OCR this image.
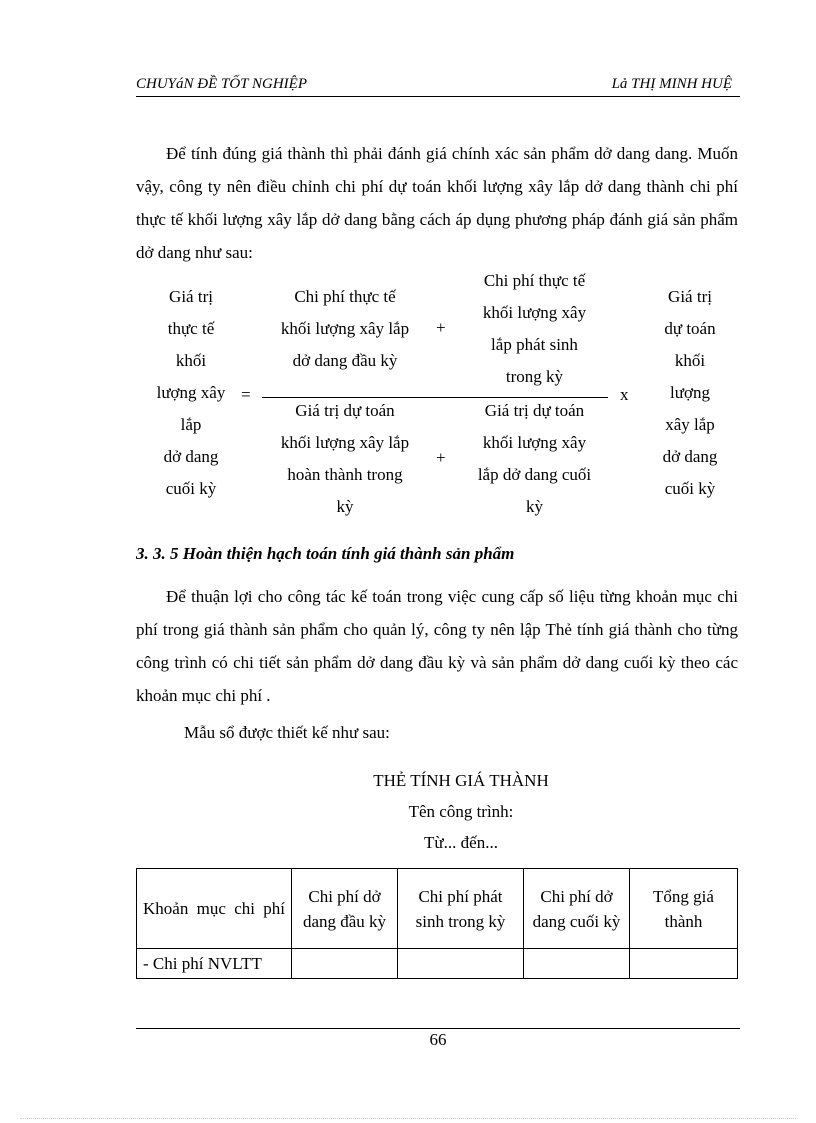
CHUYáN ĐỀ TỐT NGHIỆP	Lả THỊ MINH HUỆ

Để tính đúng giá thành thì phải đánh giá chính xác sản phẩm dở dang dang. Muốn vậy, công ty nên điều chỉnh chi phí dự toán khối lượng xây lắp dở dang thành chi phí thực tế khối lượng xây lắp dở dang bằng cách áp dụng phương pháp đánh giá sản phẩm dở dang như sau:

Giá trị
thực tế
khối
lượng xây
lắp
dở dang
cuối kỳ
=
Chi phí thực tế
khối lượng xây lắp
dở dang đầu kỳ
+
Chi phí thực tế
khối lượng xây
lắp phát sinh
trong kỳ
Giá trị dự toán
khối lượng xây lắp
hoàn thành trong
kỳ
+
Giá trị dự toán
khối lượng xây
lắp dở dang cuối
kỳ
x
Giá trị
dự toán
khối
lượng
xây lắp
dở dang
cuối kỳ
3. 3. 5 Hoàn thiện hạch toán tính giá thành sản phẩm

Để thuận lợi cho công tác kế toán trong việc cung cấp số liệu từng khoản mục chi phí trong giá thành sản phẩm cho quản lý, công ty nên lập Thẻ tính giá thành cho từng công trình có chi tiết sản phẩm dở dang đầu kỳ và sản phẩm dở dang cuối kỳ theo các khoản mục chi phí .

Mẫu sổ được thiết kế như sau:

THẺ TÍNH GIÁ THÀNH
Tên công trình:
Từ... đến...
Khoản mục chi phí	Chi phí dở dang đầu kỳ	Chi phí phát sinh trong kỳ	Chi phí dở dang cuối kỳ	Tổng giá thành
- Chi phí NVLTT				
66
